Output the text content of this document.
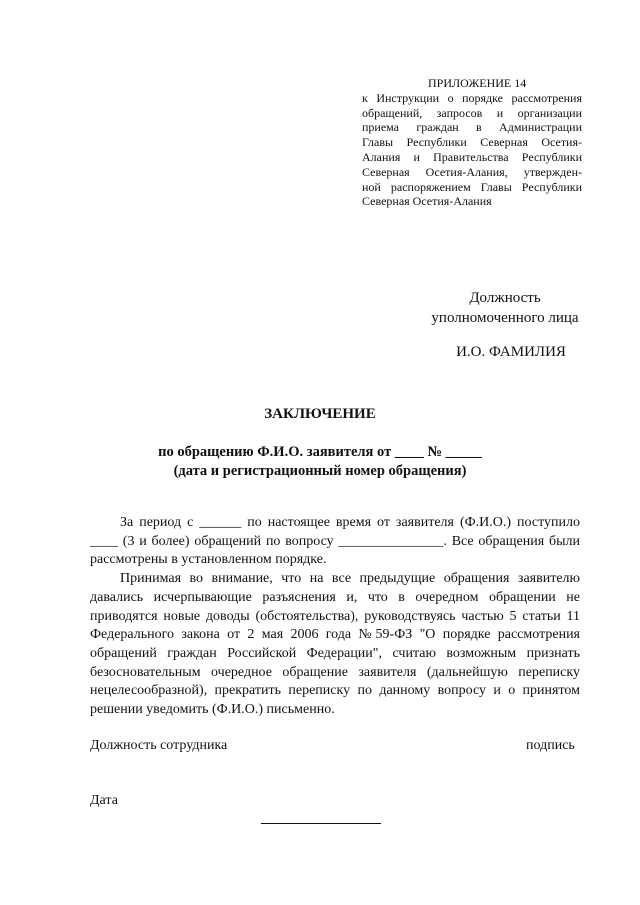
ПРИЛОЖЕНИЕ 14
к Инструкции о порядке рассмотрения
обращений, запросов и организации
приема граждан в Администрации
Главы Республики Северная Осетия-
Алания и Правительства Республики
Северная Осетия-Алания, утвержден-
ной распоряжением Главы Республики
Северная Осетия-Алания
Должность
уполномоченного лица
И.О. ФАМИЛИЯ
ЗАКЛЮЧЕНИЕ
по обращению Ф.И.О. заявителя от ____ № _____
(дата и регистрационный номер обращения)

За период с ______ по настоящее время от заявителя (Ф.И.О.) поступило
____ (3 и более) обращений по вопросу _______________. Все обращения были
рассмотрены в установленном порядке.

Принимая во внимание, что на все предыдущие обращения заявителю
давались исчерпывающие разъяснения и, что в очередном обращении не
приводятся новые доводы (обстоятельства), руководствуясь частью 5 статьи 11
Федерального закона от 2 мая 2006 года №59-ФЗ "О порядке рассмотрения
обращений граждан Российской Федерации", считаю возможным признать
безосновательным очередное обращение заявителя (дальнейшую переписку
нецелесообразной), прекратить переписку по данному вопросу и о принятом
решении уведомить (Ф.И.О.) письменно.

Должность сотрудника	подпись
Дата
